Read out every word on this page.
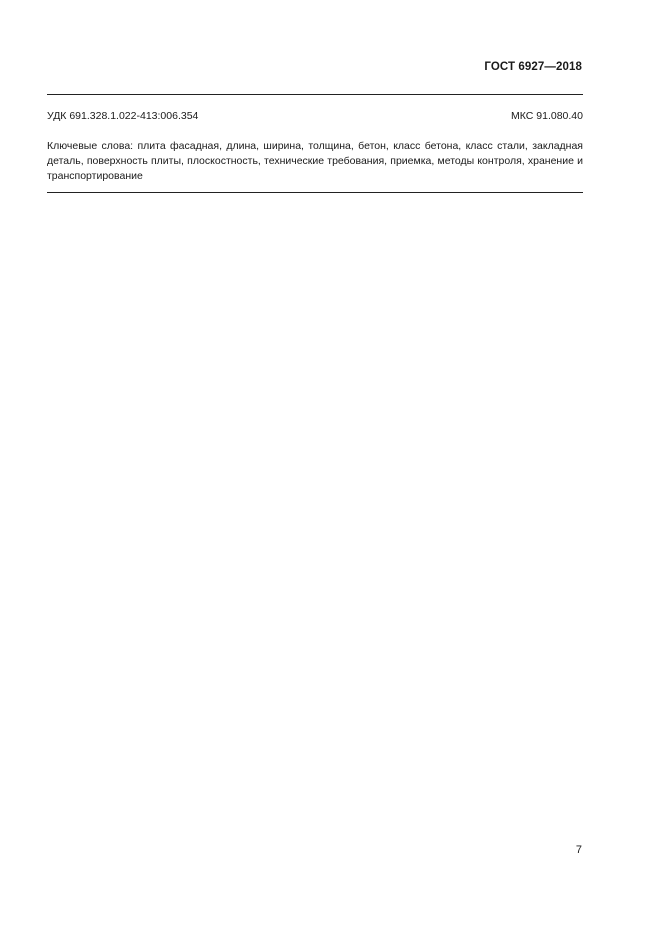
ГОСТ 6927—2018
УДК 691.328.1.022-413:006.354	МКС 91.080.40
Ключевые слова: плита фасадная, длина, ширина, толщина, бетон, класс бетона, класс стали, закладная деталь, поверхность плиты, плоскостность, технические требования, приемка, методы контроля, хранение и транспортирование
7
